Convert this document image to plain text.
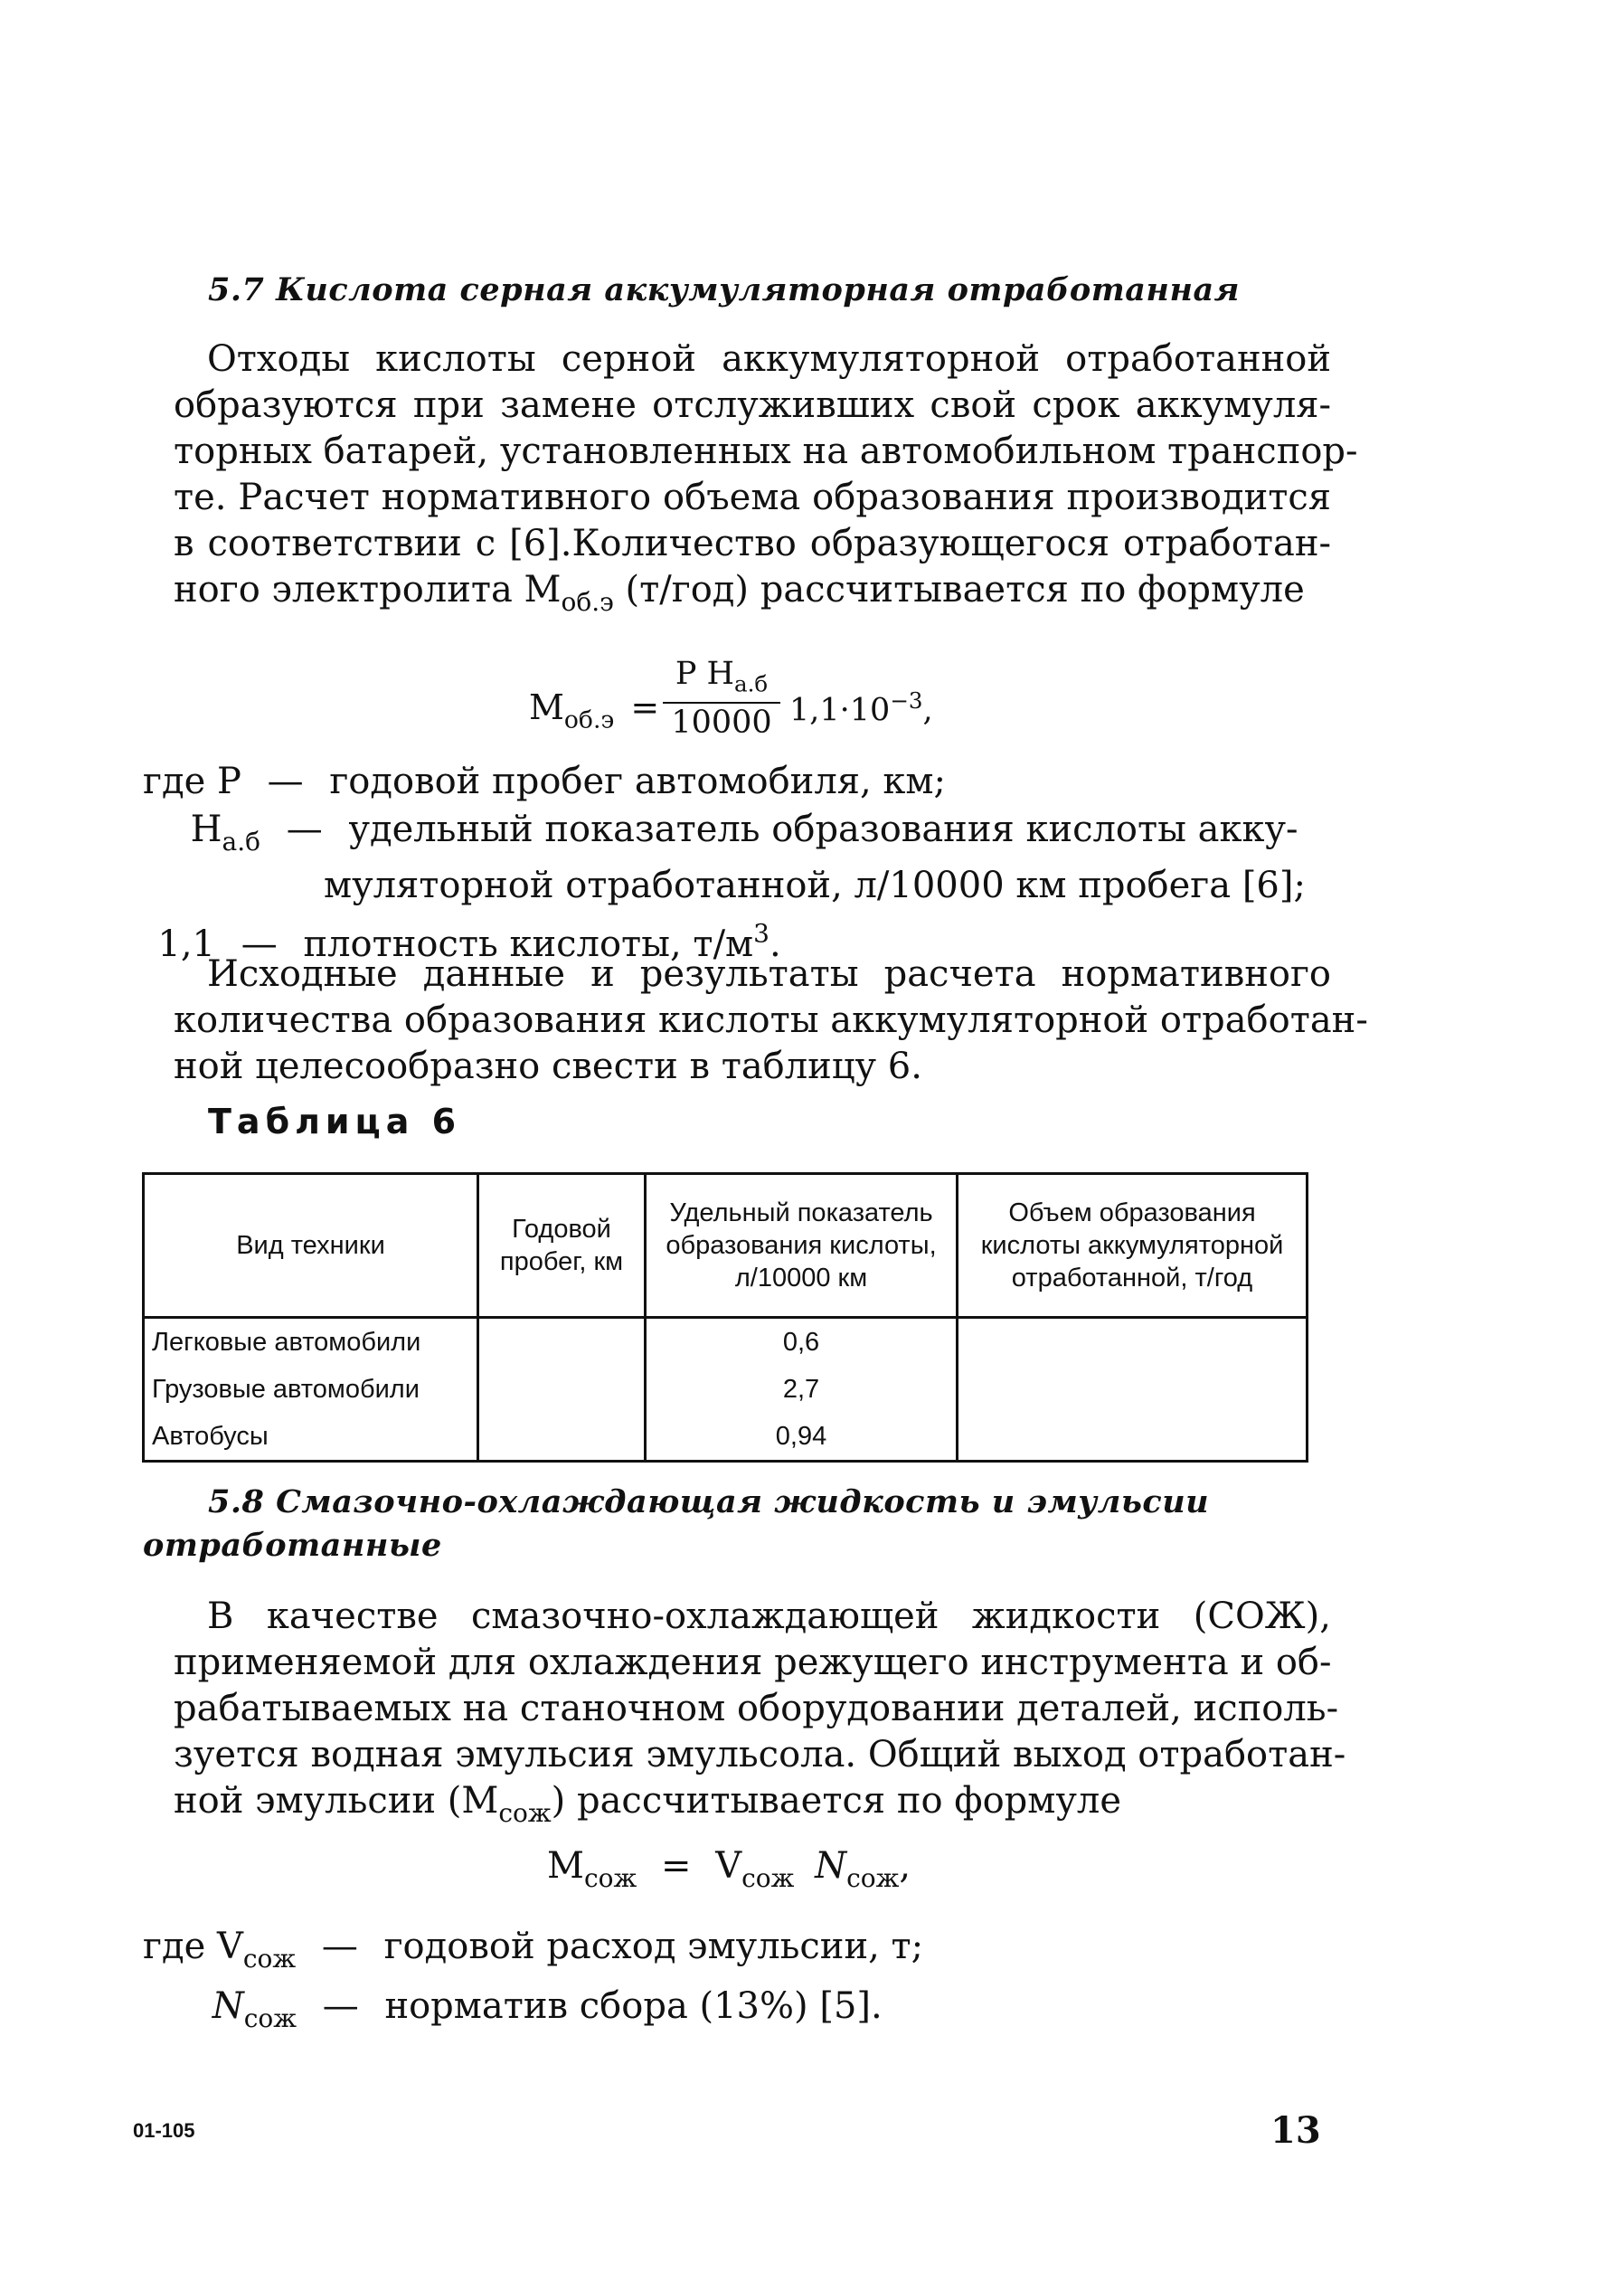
5.7 Кислота серная аккумуляторная отработанная
Отходы кислоты серной аккумуляторной отработанной
образуются при замене отслуживших свой срок аккумуля-
торных батарей, установленных на автомобильном транспор-
те. Расчет нормативного объема образования производится
в соответствии с [6].Количество образующегося отработан-
ного электролита $М_{об.э}$ (т/год) рассчитывается по формуле
$М_{об.э}$ =
Р $Н_{а.б}$
10000 $1,1\cdot 10^{-3}$,
где Р — годовой пробег автомобиля, км;
$Н_{а.б}$ — удельный показатель образования кислоты акку-
муляторной отработанной, л/10000 км пробега [6];
1,1 — плотность кислоты, $т/м^3$.
Исходные данные и результаты расчета нормативного
количества образования кислоты аккумуляторной отработан-
ной целесообразно свести в таблицу 6.
Таблица 6
Вид техники	Годовой пробег, км	Удельный показатель образования кислоты, л/10000 км	Объем образования кислоты аккумуляторной отработанной, т/год
Легковые автомобили		0,6	
Грузовые автомобили		2,7	
Автобусы		0,94	
5.8 Смазочно-охлаждающая жидкость и эмульсии
отработанные
В качестве смазочно-охлаждающей жидкости (СОЖ),
применяемой для охлаждения режущего инструмента и об-
рабатываемых на станочном оборудовании деталей, исполь-
зуется водная эмульсия эмульсола. Общий выход отработан-
ной эмульсии $(М_{сож})$ рассчитывается по формуле
$М_{сож} = V_{сож}$ $N_{сож}$,
где $V_{сож}$ — годовой расход эмульсии, т;
$N_{сож}$ — норматив сбора (13%) [5].
01-105	13
